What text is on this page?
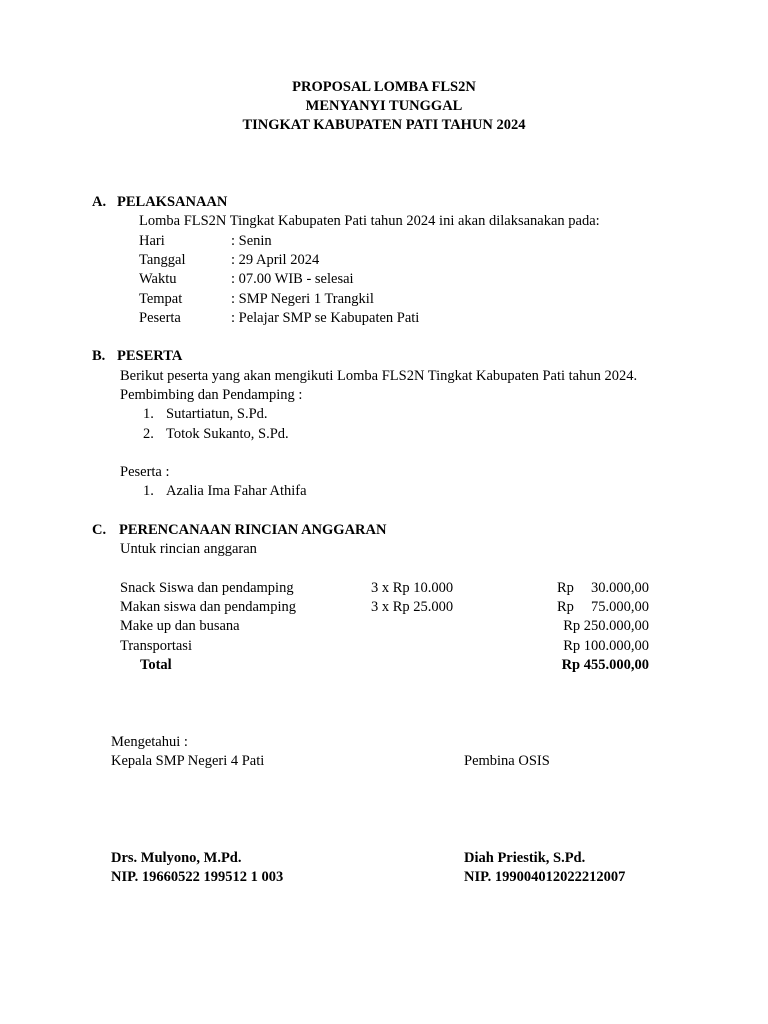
PROPOSAL LOMBA FLS2N
MENYANYI TUNGGAL
TINGKAT KABUPATEN PATI TAHUN 2024
A. PELAKSANAAN
Lomba FLS2N Tingkat Kabupaten Pati tahun 2024 ini akan dilaksanakan pada:
Hari	: Senin
Tanggal	: 29 April 2024
Waktu	: 07.00 WIB - selesai
Tempat	: SMP Negeri 1 Trangkil
Peserta	: Pelajar SMP se Kabupaten Pati
B. PESERTA
Berikut peserta yang akan mengikuti Lomba FLS2N Tingkat Kabupaten Pati tahun 2024.
Pembimbing dan Pendamping :
1. Sutartiatun, S.Pd.
2. Totok Sukanto, S.Pd.
Peserta :
1. Azalia Ima Fahar Athifa
C. PERENCANAAN RINCIAN ANGGARAN
Untuk rincian anggaran
Snack Siswa dan pendamping	3 x Rp 10.000	Rp	30.000,00
Makan siswa dan pendamping	3 x Rp 25.000	Rp	75.000,00
Make up dan busana	Rp 250.000,00
Transportasi	Rp 100.000,00
Total	Rp 455.000,00
Mengetahui :
Kepala SMP Negeri 4 Pati	Pembina OSIS
Drs. Mulyono, M.Pd.
NIP. 19660522 199512 1 003
Diah Priestik, S.Pd.
NIP. 199004012022212007
